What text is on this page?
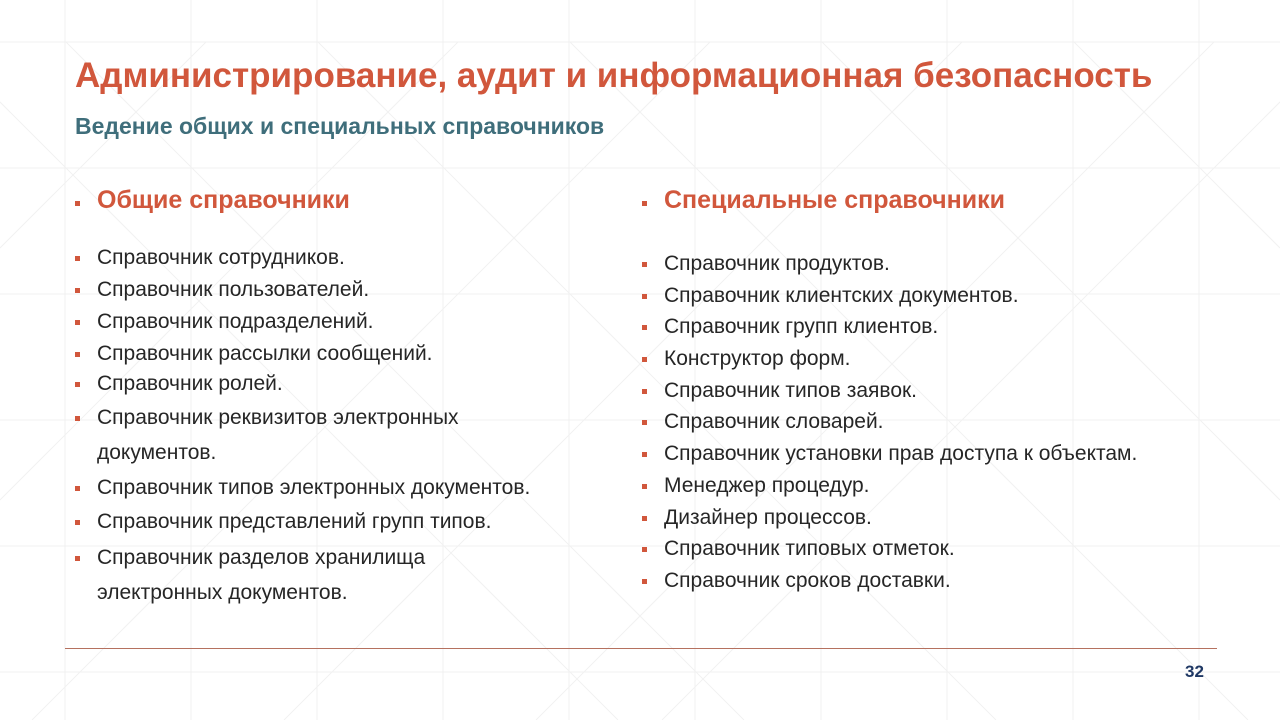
Администрирование, аудит и информационная безопасность
Ведение общих и специальных справочников
Общие справочники	Специальные справочники
Справочник сотрудников.
Справочник пользователей.
Справочник подразделений.
Справочник рассылки сообщений.
Справочник ролей.
Справочник реквизитов электронных
документов.
Справочник типов электронных документов.
Справочник представлений групп типов.
Справочник разделов хранилища
электронных документов.
Справочник продуктов.
Справочник клиентских документов.
Справочник групп клиентов.
Конструктор форм.
Справочник типов заявок.
Справочник словарей.
Справочник установки прав доступа к объектам.
Менеджер процедур.
Дизайнер процессов.
Справочник типовых отметок.
Справочник сроков доставки.
32
